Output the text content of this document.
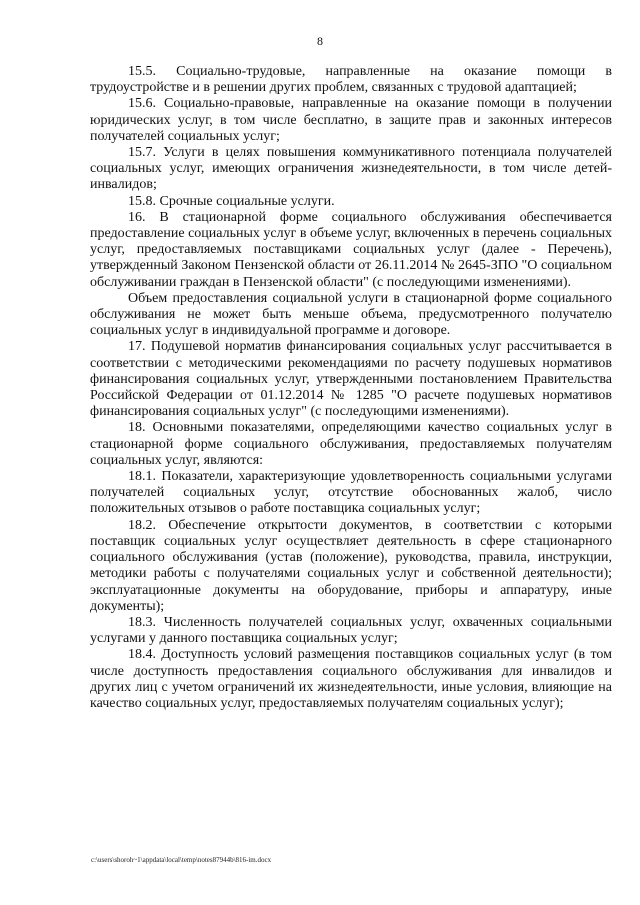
8

15.5. Социально-трудовые, направленные на оказание помощи в трудоустройстве и в решении других проблем, связанных с трудовой адаптацией;

15.6. Социально-правовые, направленные на оказание помощи в получении юридических услуг, в том числе бесплатно, в защите прав и законных интересов получателей социальных услуг;

15.7. Услуги в целях повышения коммуникативного потенциала получателей социальных услуг, имеющих ограничения жизнедеятельности, в том числе детей-инвалидов;

15.8. Срочные социальные услуги.

16. В стационарной форме социального обслуживания обеспечивается предоставление социальных услуг в объеме услуг, включенных в перечень социальных услуг, предоставляемых поставщиками социальных услуг (далее - Перечень), утвержденный Законом Пензенской области от 26.11.2014 № 2645-ЗПО "О социальном обслуживании граждан в Пензенской области" (с последующими изменениями).

Объем предоставления социальной услуги в стационарной форме социального обслуживания не может быть меньше объема, предусмотренного получателю социальных услуг в индивидуальной программе и договоре.

17. Подушевой норматив финансирования социальных услуг рассчитывается в соответствии с методическими рекомендациями по расчету подушевых нормативов финансирования социальных услуг, утвержденными постановлением Правительства Российской Федерации от 01.12.2014 № 1285 "О расчете подушевых нормативов финансирования социальных услуг" (с последующими изменениями).

18. Основными показателями, определяющими качество социальных услуг в стационарной форме социального обслуживания, предоставляемых получателям социальных услуг, являются:

18.1. Показатели, характеризующие удовлетворенность социальными услугами получателей социальных услуг, отсутствие обоснованных жалоб, число положительных отзывов о работе поставщика социальных услуг;

18.2. Обеспечение открытости документов, в соответствии с которыми поставщик социальных услуг осуществляет деятельность в сфере стационарного социального обслуживания (устав (положение), руководства, правила, инструкции, методики работы с получателями социальных услуг и собственной деятельности); эксплуатационные документы на оборудование, приборы и аппаратуру, иные документы);

18.3. Численность получателей социальных услуг, охваченных социальными услугами у данного поставщика социальных услуг;

18.4. Доступность условий размещения поставщиков социальных услуг (в том числе доступность предоставления социального обслуживания для инвалидов и других лиц с учетом ограничений их жизнедеятельности, иные условия, влияющие на качество социальных услуг, предоставляемых получателям социальных услуг);

c:\users\shoroh~1\appdata\local\temp\notes87944b\816-im.docx
